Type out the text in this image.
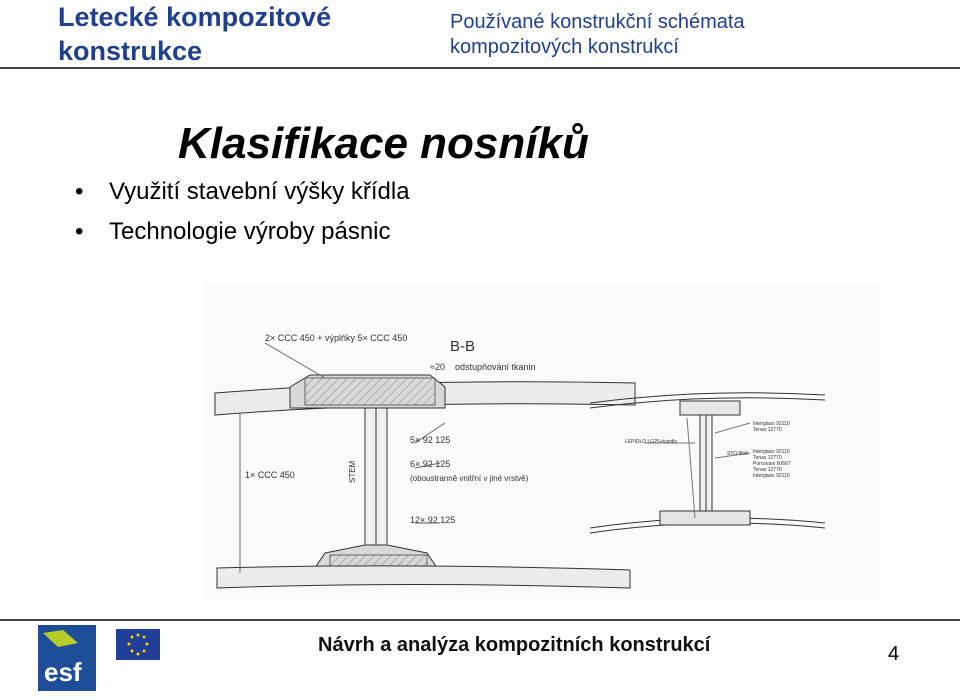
Letecké kompozitové konstrukce
Používané konstrukční schémata kompozitových konstrukcí
Klasifikace nosníků
• Využití stavební výšky křídla
• Technologie výroby pásnic
2× CCC 450 + výplňky 5× CCC 450	B-B
≈20 odstupňování tkanin
5× 92 125
6× 92 125
(oboustranně vnitřní v jiné vrstvě)
1× CCC 450
12× 92 125
STEM
Interglass 92110
Tenax 12770
LEPIDLO LG25+tuzidlo
STOJINA Interglass 92110
Tenax 12770
Porcovani 60667
Tenax 12770
Interglass 92110
esf
Návrh a analýza kompozitních konstrukcí	4
